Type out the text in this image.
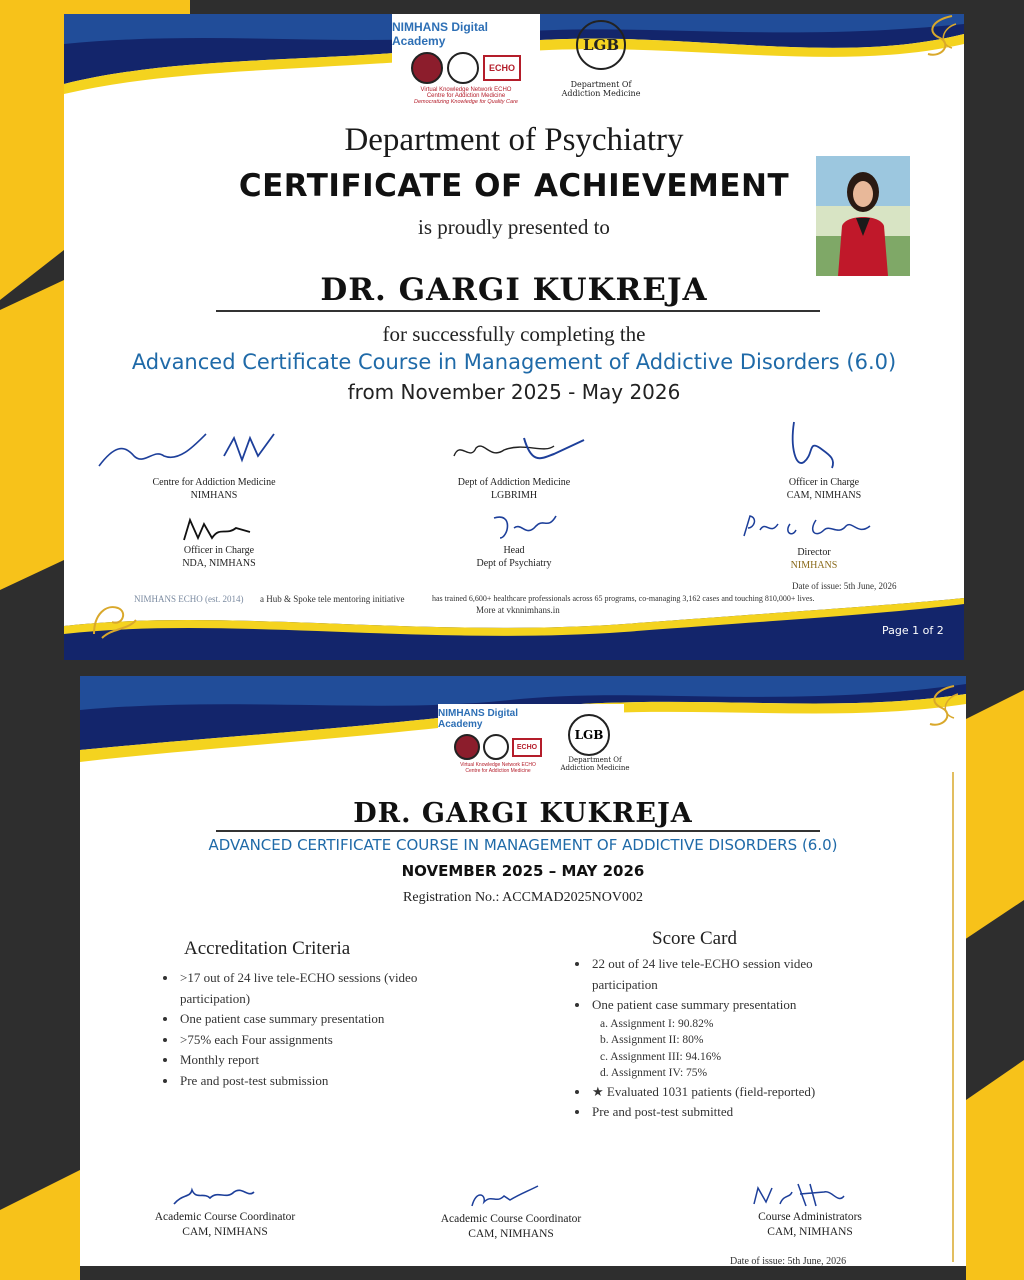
NIMHANS Digital Academy
ECHO
Virtual Knowledge Network ECHO
Centre for Addiction Medicine
Democratizing Knowledge for Quality Care
LGB
Department Of
Addiction Medicine
Department of Psychiatry
CERTIFICATE OF ACHIEVEMENT
is proudly presented to
DR. GARGI KUKREJA
for successfully completing the
Advanced Certificate Course in Management of Addictive Disorders (6.0)
from November 2025 - May 2026
Centre for Addiction Medicine
NIMHANS
Dept of Addiction Medicine
LGBRIMH
Officer in Charge
CAM, NIMHANS
Officer in Charge
NDA, NIMHANS
Head
Dept of Psychiatry
Director
NIMHANS
Date of issue: 5th June, 2026
NIMHANS ECHO (est. 2014) a Hub & Spoke tele mentoring initiative	has trained 6,600+ healthcare professionals across 65 programs, co-managing 3,162 cases and touching 810,000+ lives.
More at vknnimhans.in
Page 1 of 2
NIMHANS Digital Academy
ECHO
Virtual Knowledge Network ECHO
Centre for Addiction Medicine
LGB
Department Of
Addiction Medicine
DR. GARGI KUKREJA
ADVANCED CERTIFICATE COURSE IN MANAGEMENT OF ADDICTIVE DISORDERS (6.0)
NOVEMBER 2025 – MAY 2026
Registration No.: ACCMAD2025NOV002
Accreditation Criteria
• >17 out of 24 live tele-ECHO sessions (video participation)
• One patient case summary presentation
• >75% each Four assignments
• Monthly report
• Pre and post-test submission
Score Card
• 22 out of 24 live tele-ECHO session video participation
• One patient case summary presentation
a. Assignment I: 90.82%
b. Assignment II: 80%
c. Assignment III: 94.16%
d. Assignment IV: 75%
• ★ Evaluated 1031 patients (field-reported)
• Pre and post-test submitted
Academic Course Coordinator
CAM, NIMHANS
Academic Course Coordinator
CAM, NIMHANS
Course Administrators
CAM, NIMHANS
Date of issue: 5th June, 2026
